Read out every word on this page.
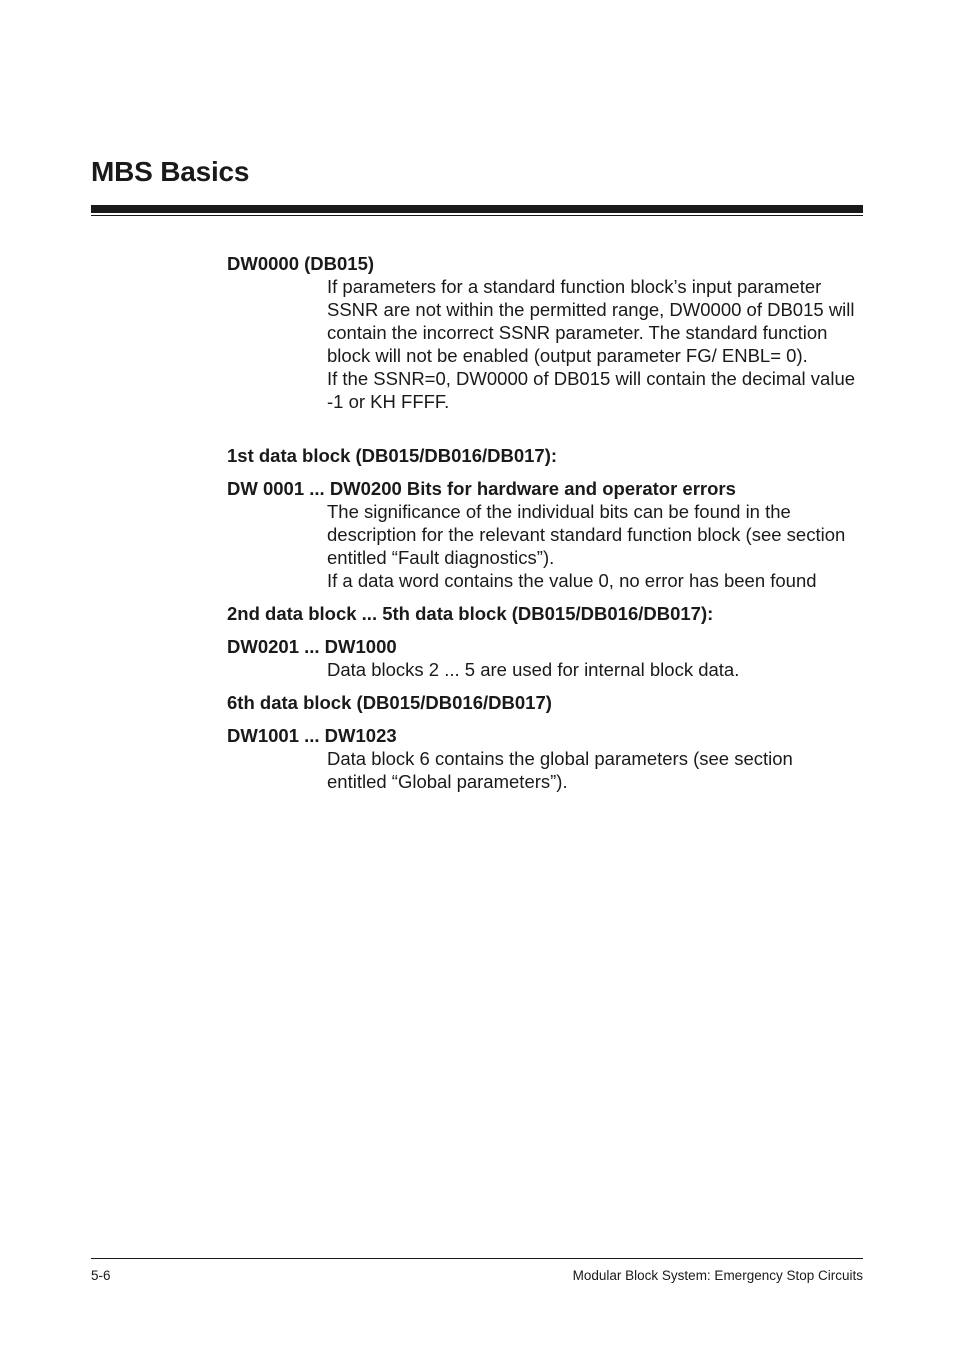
MBS Basics

DW0000 (DB015)

If parameters for a standard function block’s input parameter SSNR are not within the permitted range, DW0000 of DB015 will contain the incorrect SSNR parameter. The standard function block will not be enabled (output parameter FG/ ENBL= 0).

If the SSNR=0, DW0000 of DB015 will contain the decimal value -1 or KH FFFF.

1st data block (DB015/DB016/DB017):

DW 0001 ... DW0200 Bits for hardware and operator errors

The significance of the individual bits can be found in the description for the relevant standard function block (see section entitled “Fault diagnostics”).

If a data word contains the value 0, no error has been found

2nd data block ... 5th data block (DB015/DB016/DB017):

DW0201 ... DW1000

Data blocks 2 ... 5 are used for internal block data.

6th data block (DB015/DB016/DB017)

DW1001 ... DW1023

Data block 6 contains the global parameters (see section entitled “Global parameters”).

5-6	Modular Block System: Emergency Stop Circuits
